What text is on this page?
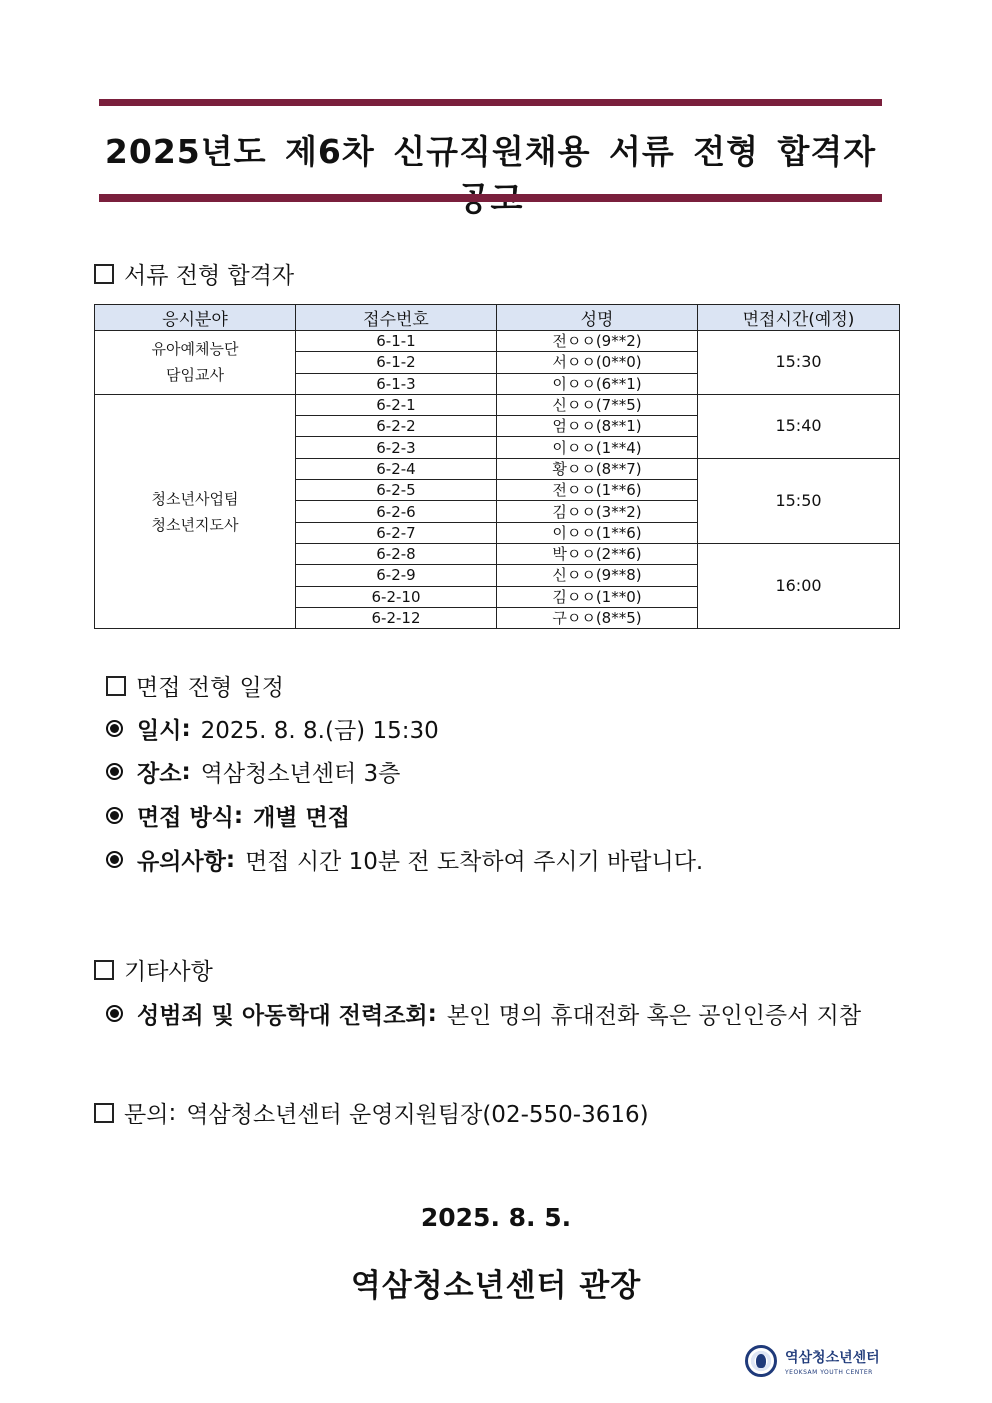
2025년도 제6차 신규직원채용 서류 전형 합격자
서류 전형 합격자
응시분야	접수번호	성명	면접시간(예정)

유아예체능단
담임교사	6-1-1	전ㅇㅇ(9**2)	15:30
	6-1-2	서ㅇㅇ(0**0)	
	6-1-3	이ㅇㅇ(6**1)	

청소년사업팀
청소년지도사	6-2-1	신ㅇㅇ(7**5)	15:40
	6-2-2	엄ㅇㅇ(8**1)	
	6-2-3	이ㅇㅇ(1**4)	
	6-2-4	황ㅇㅇ(8**7)	15:50
	6-2-5	전ㅇㅇ(1**6)	
	6-2-6	김ㅇㅇ(3**2)	
	6-2-7	이ㅇㅇ(1**6)	
	6-2-8	박ㅇㅇ(2**6)	16:00
	6-2-9	신ㅇㅇ(9**8)	
	6-2-10	김ㅇㅇ(1**0)	
	6-2-12	구ㅇㅇ(8**5)	
면접 전형 일정
일시 : 2025. 8. 8.(금) 15:30
장소 : 역삼청소년센터 3층
면접 방식 : 개별 면접
유의사항 : 면접 시간 10분 전 도착하여 주시기 바랍니다.
기타사항
성범죄 및 아동학대 전력조회 : 본인 명의 휴대전화 혹은 공인인증서 지참
문의 : 역삼청소년센터 운영지원팀장(02-550-3616)
2025. 8. 5.
역삼청소년센터 관장
역삼청소년센터
YEOKSAM YOUTH CENTER
